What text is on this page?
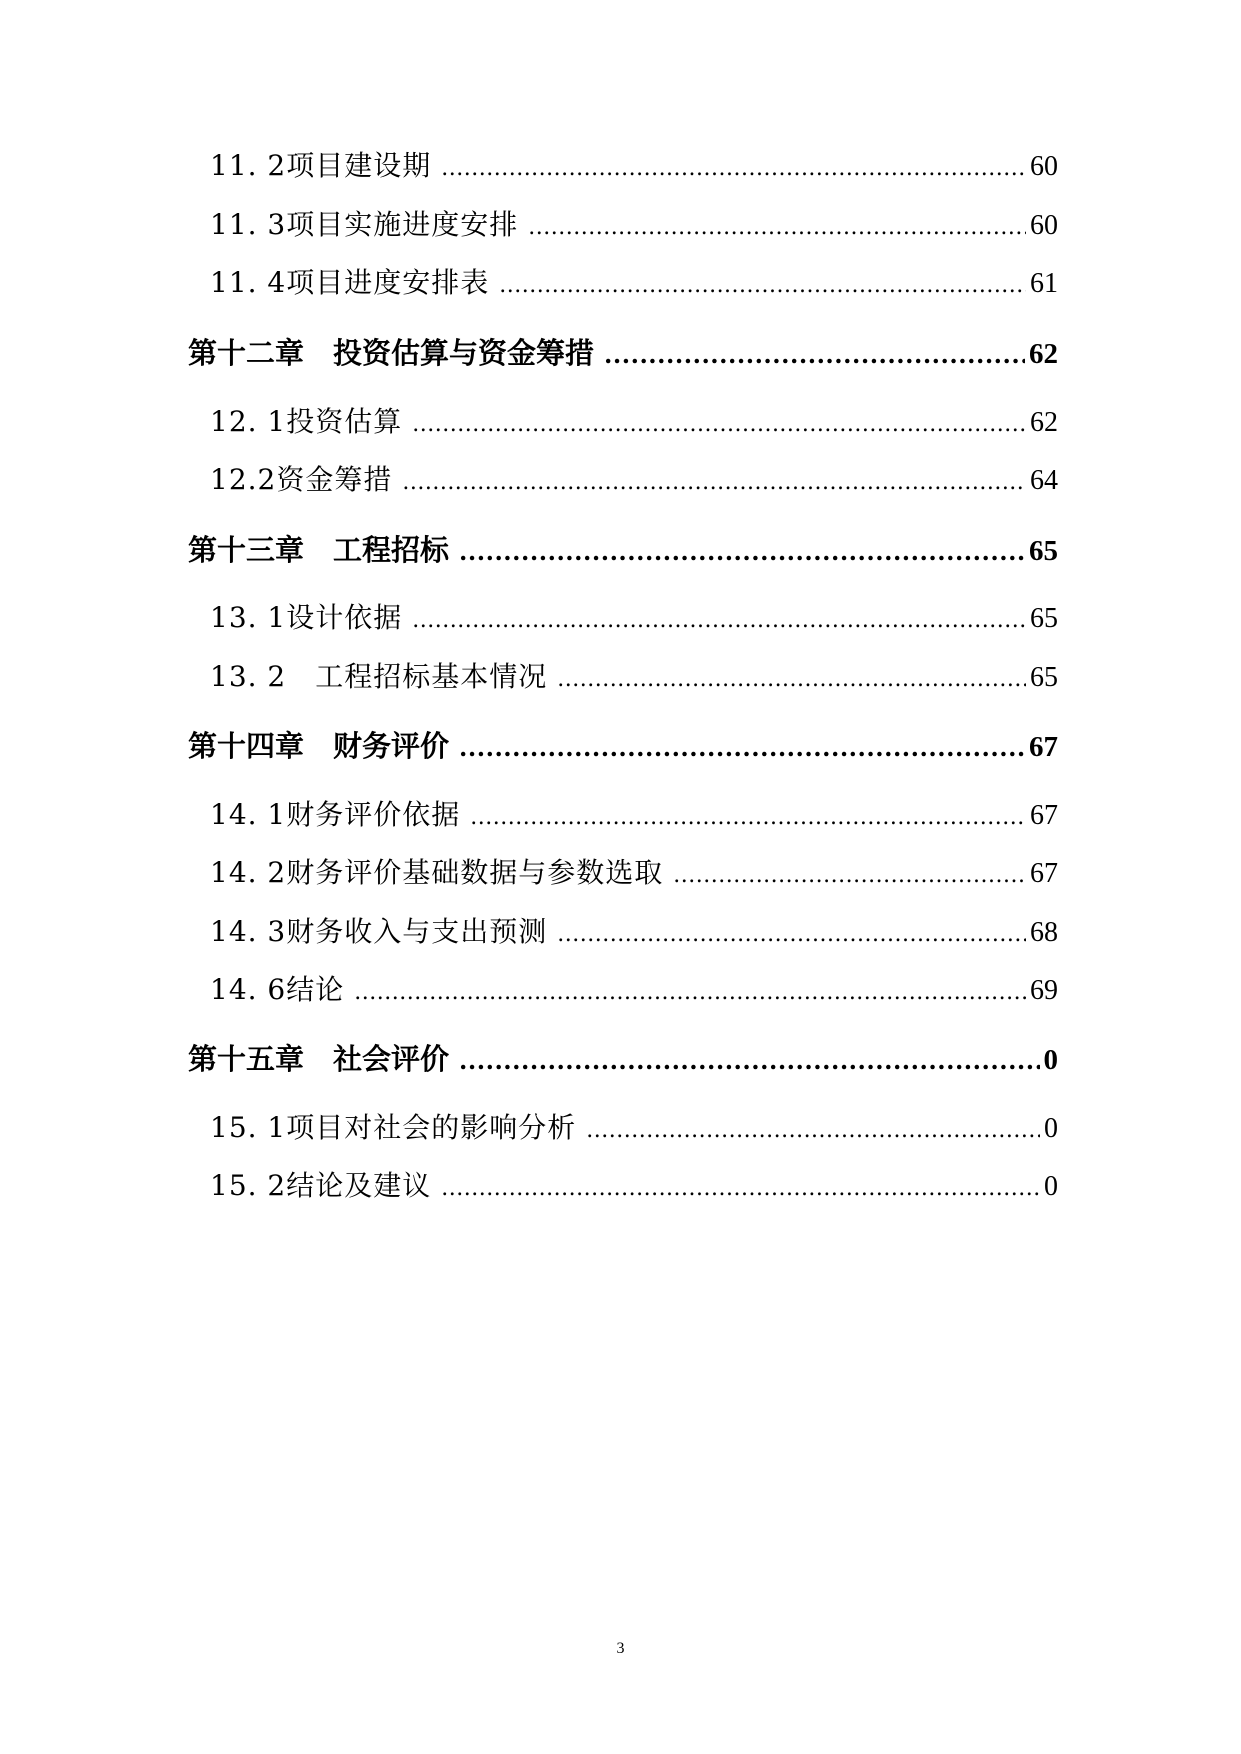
11. 2 项目建设期 .....	60
11. 3 项目实施进度安排 .....	60
11. 4 项目进度安排表 .....	61
第十二章　 投资估算与资金筹措 .....	62
12. 1 投资估算 .....	62
12.2 资金筹措 .....	64
第十三章　 工程招标 .....	65
13. 1 设计依据 .....	65
13. 2　 工程招标基本情况 .....	65
第十四章　 财务评价 .....	67
14. 1 财务评价依据 .....	67
14. 2 财务评价基础数据与参数选取 .....	67
14. 3 财务收入与支出预测 .....	68
14. 6 结论 .....	69
第十五章　 社会评价 .....	0
15. 1 项目对社会的影响分析 .....	0
15. 2 结论及建议 .....	0
3
